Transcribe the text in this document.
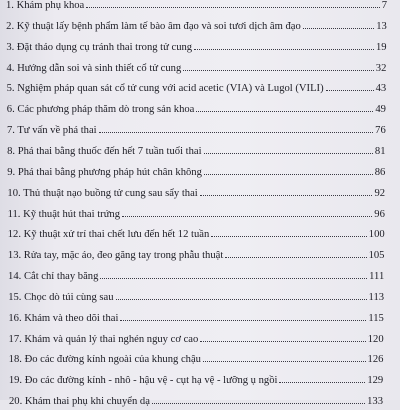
1. Khám phụ khoa	7
2. Kỹ thuật lấy bệnh phẩm làm tế bào âm đạo và soi tươi dịch âm đạo	13
3. Đặt tháo dụng cụ tránh thai trong tử cung	19
4. Hướng dẫn soi và sinh thiết cổ tử cung	32
5. Nghiệm pháp quan sát cổ tử cung với acid acetic (VIA) và Lugol (VILI)	43
6. Các phương pháp thăm dò trong sản khoa	49
7. Tư vấn về phá thai	76
8. Phá thai bằng thuốc đến hết 7 tuần tuổi thai	81
9. Phá thai bằng phương pháp hút chân không	86
10. Thủ thuật nạo buồng tử cung sau sẩy thai	92
11. Kỹ thuật hút thai trứng	96
12. Kỹ thuật xử trí thai chết lưu đến hết 12 tuần	100
13. Rửa tay, mặc áo, đeo găng tay trong phẫu thuật	105
14. Cắt chỉ thay băng	111
15. Chọc dò túi cùng sau	113
16. Khám và theo dõi thai	115
17. Khám và quản lý thai nghén nguy cơ cao	120
18. Đo các đường kính ngoài của khung chậu	126
19. Đo các đường kính - nhô - hậu vệ - cụt hạ vệ - lưỡng ụ ngồi	129
20. Khám thai phụ khi chuyển dạ	133
